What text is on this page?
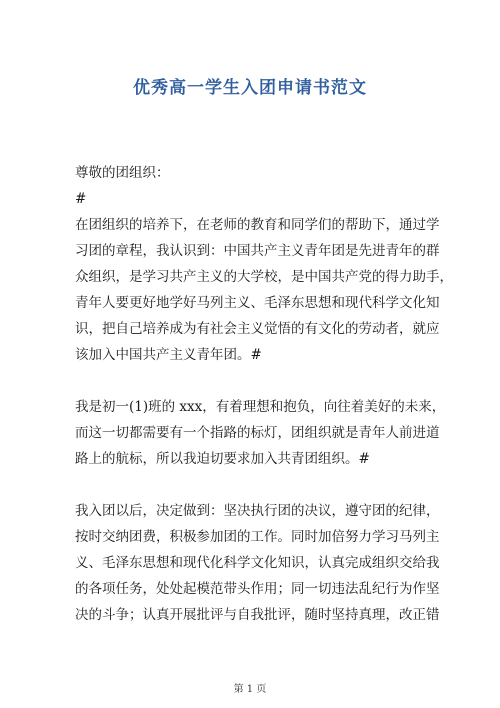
优秀高一学生入团申请书范文
尊敬的团组织：
#
在团组织的培养下，在老师的教育和同学们的帮助下，通过学
习团的章程，我认识到：中国共产主义青年团是先进青年的群
众组织，是学习共产主义的大学校，是中国共产党的得力助手，
青年人要更好地学好马列主义、毛泽东思想和现代科学文化知
识，把自己培养成为有社会主义觉悟的有文化的劳动者，就应
该加入中国共产主义青年团。#
我是初一(1)班的 xxx，有着理想和抱负，向往着美好的未来，
而这一切都需要有一个指路的标灯，团组织就是青年人前进道
路上的航标，所以我迫切要求加入共青团组织。#
我入团以后，决定做到：坚决执行团的决议，遵守团的纪律，
按时交纳团费，积极参加团的工作。同时加倍努力学习马列主
义、毛泽东思想和现代化科学文化知识，认真完成组织交给我
的各项任务，处处起模范带头作用；同一切违法乱纪行为作坚
决的斗争；认真开展批评与自我批评，随时坚持真理，改正错
第 1 页
